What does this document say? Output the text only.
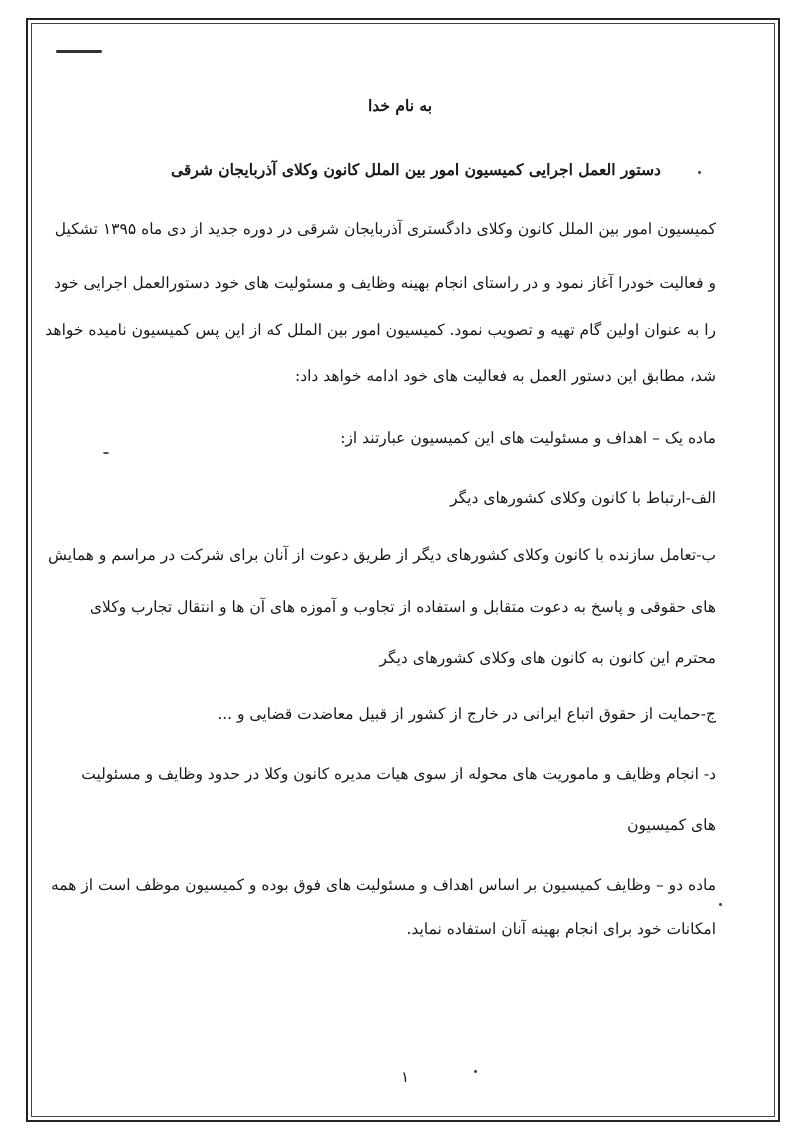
به نام خدا
دستور العمل اجرایی کمیسیون امور بین الملل کانون وکلای آذربایجان شرقی
کمیسیون امور بین الملل کانون وکلای دادگستری آذربایجان شرقی در دوره جدید از دی ماه ۱۳۹۵ تشکیل
و فعالیت خودرا آغاز نمود و در راستای انجام بهینه وظایف و مسئولیت های خود دستورالعمل اجرایی خود
را به عنوان اولین گام تهیه و تصویب نمود. کمیسیون امور بین الملل که از این پس کمیسیون نامیده خواهد
شد، مطابق این دستور العمل به فعالیت های خود ادامه خواهد داد:
ماده یک – اهداف و مسئولیت های این کمیسیون عبارتند از:
الف-ارتباط با کانون وکلای کشورهای دیگر
ب-تعامل سازنده با کانون وکلای کشورهای دیگر از طریق دعوت از آنان برای شرکت در مراسم و همایش
های حقوقی و پاسخ به دعوت متقابل و استفاده از تجاوب و آموزه های آن ها و انتقال تجارب وکلای
محترم این کانون به کانون های وکلای کشورهای دیگر
ج-حمایت از حقوق اتباع ایرانی در خارج از کشور از قبیل معاضدت قضایی و ...
د- انجام وظایف و ماموریت های محوله از سوی هیات مدیره کانون وکلا در حدود وظایف و مسئولیت
های کمیسیون
ماده دو – وظایف کمیسیون بر اساس اهداف و مسئولیت های فوق بوده و کمیسیون موظف است از همه
امکانات خود برای انجام بهینه آنان استفاده نماید.
۱
